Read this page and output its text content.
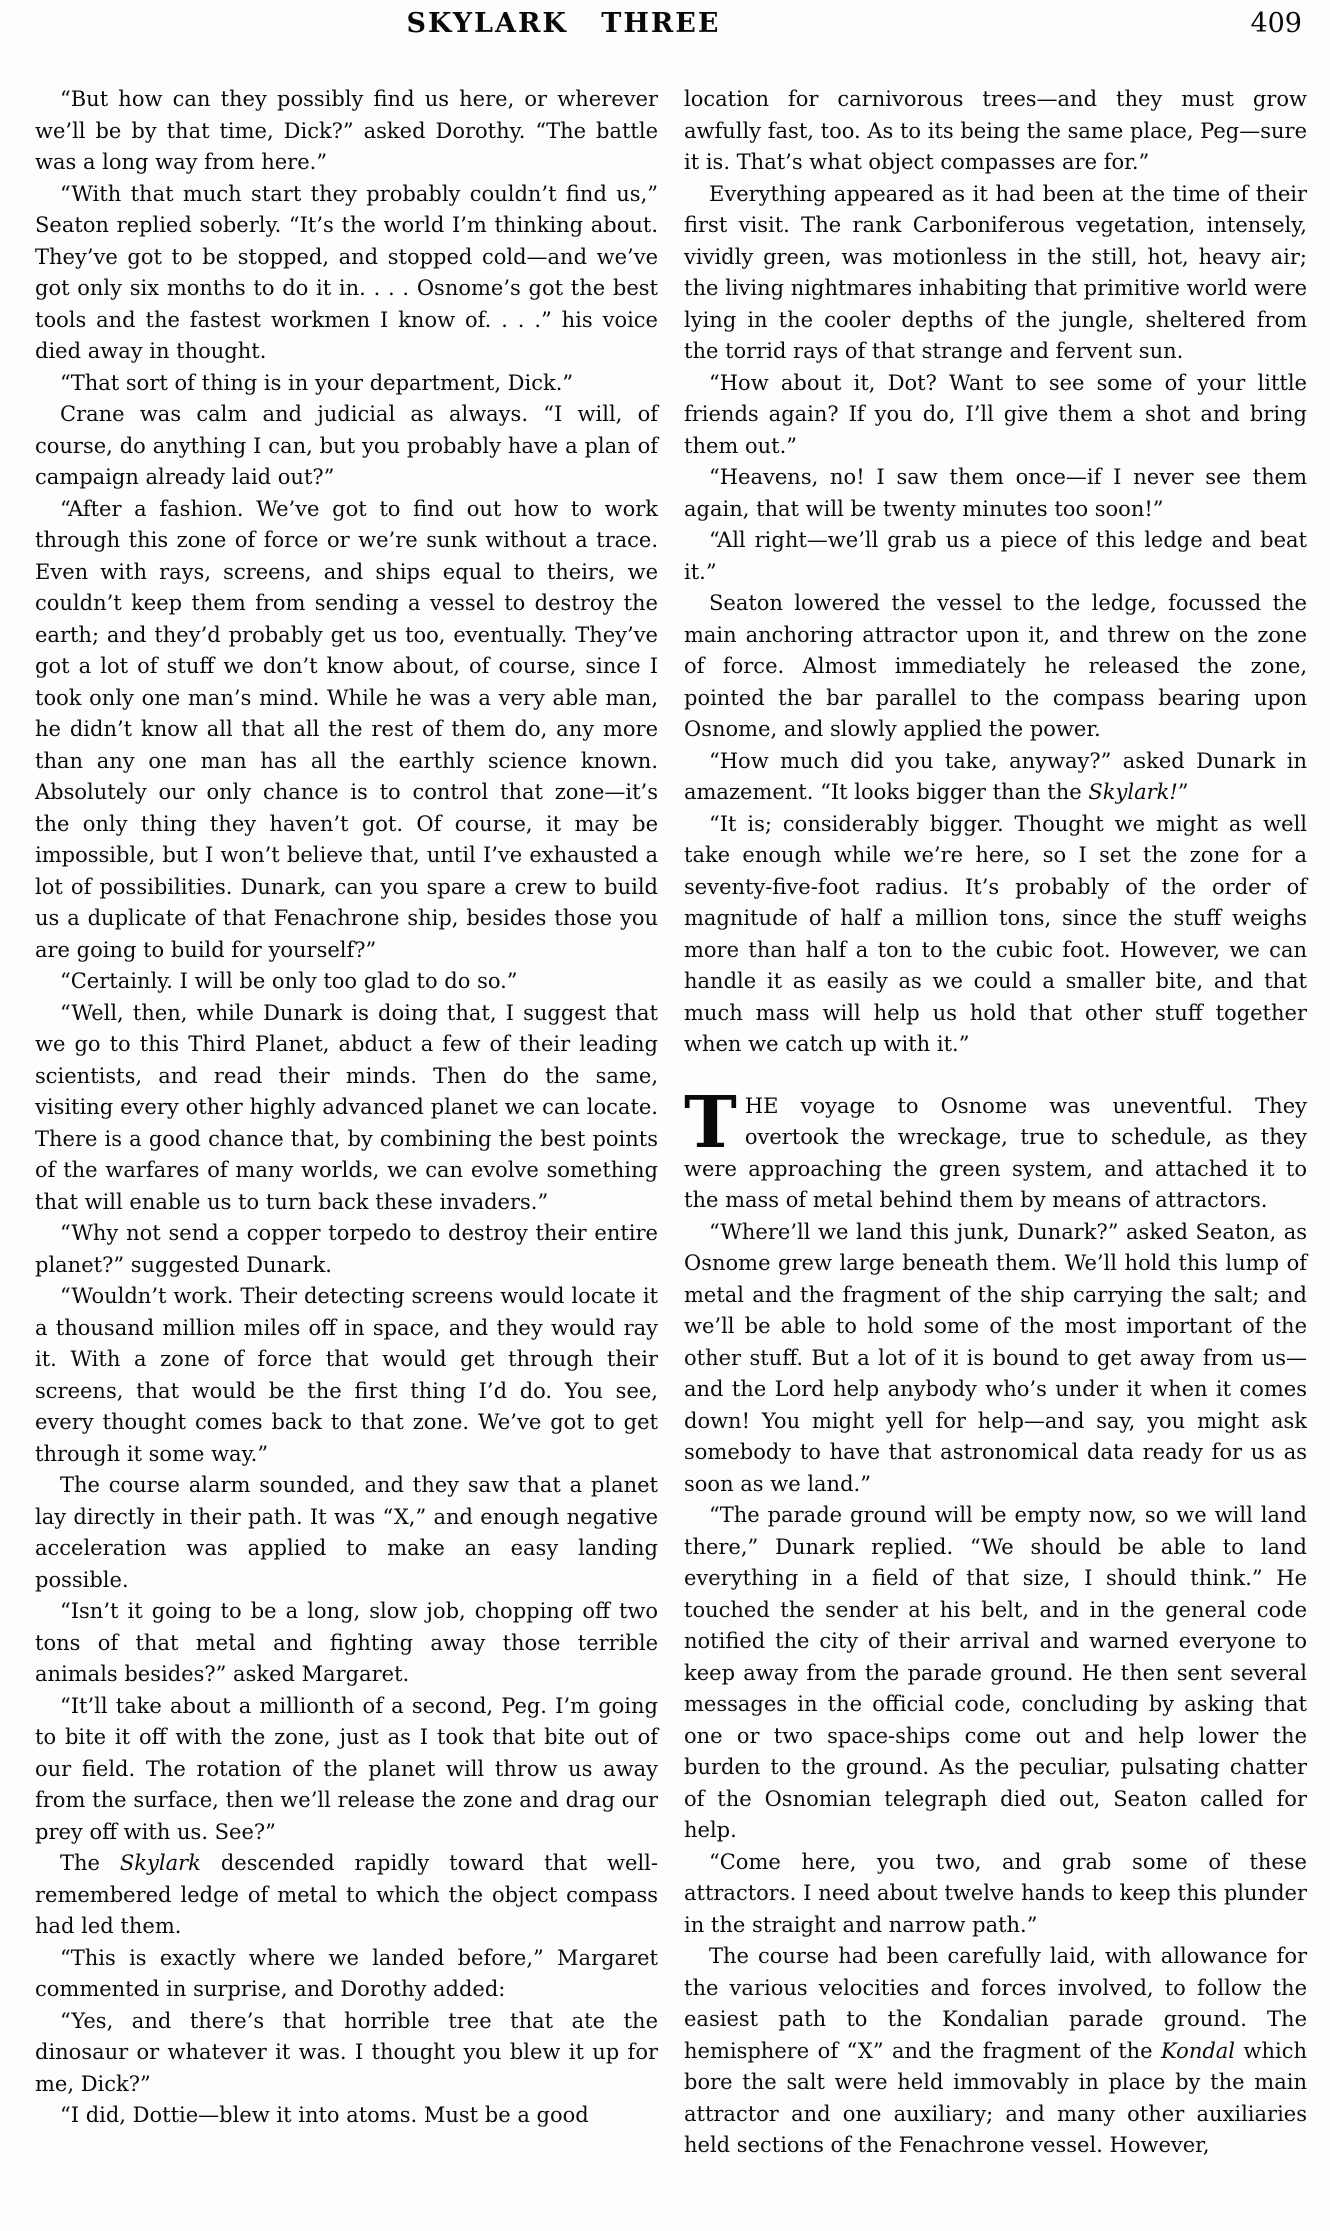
SKYLARK THREE	409

“But how can they possibly find us here, or wherever we’ll be by that time, Dick?” asked Dorothy. “The battle was a long way from here.”

“With that much start they probably couldn’t find us,” Seaton replied soberly. “It’s the world I’m thinking about. They’ve got to be stopped, and stopped cold—and we’ve got only six months to do it in. . . . Osnome’s got the best tools and the fastest workmen I know of. . . .” his voice died away in thought.

“That sort of thing is in your department, Dick.”

Crane was calm and judicial as always. “I will, of course, do anything I can, but you probably have a plan of campaign already laid out?”

“After a fashion. We’ve got to find out how to work through this zone of force or we’re sunk without a trace. Even with rays, screens, and ships equal to theirs, we couldn’t keep them from sending a vessel to destroy the earth; and they’d probably get us too, eventually. They’ve got a lot of stuff we don’t know about, of course, since I took only one man’s mind. While he was a very able man, he didn’t know all that all the rest of them do, any more than any one man has all the earthly science known. Absolutely our only chance is to control that zone—it’s the only thing they haven’t got. Of course, it may be impossible, but I won’t believe that, until I’ve exhausted a lot of possibilities. Dunark, can you spare a crew to build us a duplicate of that Fenachrone ship, besides those you are going to build for yourself?”

“Certainly. I will be only too glad to do so.”

“Well, then, while Dunark is doing that, I suggest that we go to this Third Planet, abduct a few of their leading scientists, and read their minds. Then do the same, visiting every other highly advanced planet we can locate. There is a good chance that, by combining the best points of the warfares of many worlds, we can evolve something that will enable us to turn back these invaders.”

“Why not send a copper torpedo to destroy their entire planet?” suggested Dunark.

“Wouldn’t work. Their detecting screens would locate it a thousand million miles off in space, and they would ray it. With a zone of force that would get through their screens, that would be the first thing I’d do. You see, every thought comes back to that zone. We’ve got to get through it some way.”

The course alarm sounded, and they saw that a planet lay directly in their path. It was “X,” and enough negative acceleration was applied to make an easy landing possible.

“Isn’t it going to be a long, slow job, chopping off two tons of that metal and fighting away those terrible animals besides?” asked Margaret.

“It’ll take about a millionth of a second, Peg. I’m going to bite it off with the zone, just as I took that bite out of our field. The rotation of the planet will throw us away from the surface, then we’ll release the zone and drag our prey off with us. See?”

The Skylark descended rapidly toward that well-remembered ledge of metal to which the object compass had led them.

“This is exactly where we landed before,” Margaret commented in surprise, and Dorothy added:

“Yes, and there’s that horrible tree that ate the dinosaur or whatever it was. I thought you blew it up for me, Dick?”

“I did, Dottie—blew it into atoms. Must be a good

location for carnivorous trees—and they must grow awfully fast, too. As to its being the same place, Peg—sure it is. That’s what object compasses are for.”

Everything appeared as it had been at the time of their first visit. The rank Carboniferous vegetation, intensely, vividly green, was motionless in the still, hot, heavy air; the living nightmares inhabiting that primitive world were lying in the cooler depths of the jungle, sheltered from the torrid rays of that strange and fervent sun.

“How about it, Dot? Want to see some of your little friends again? If you do, I’ll give them a shot and bring them out.”

“Heavens, no! I saw them once—if I never see them again, that will be twenty minutes too soon!”

“All right—we’ll grab us a piece of this ledge and beat it.”

Seaton lowered the vessel to the ledge, focussed the main anchoring attractor upon it, and threw on the zone of force. Almost immediately he released the zone, pointed the bar parallel to the compass bearing upon Osnome, and slowly applied the power.

“How much did you take, anyway?” asked Dunark in amazement. “It looks bigger than the Skylark!”

“It is; considerably bigger. Thought we might as well take enough while we’re here, so I set the zone for a seventy-five-foot radius. It’s probably of the order of magnitude of half a million tons, since the stuff weighs more than half a ton to the cubic foot. However, we can handle it as easily as we could a smaller bite, and that much mass will help us hold that other stuff together when we catch up with it.”

THE voyage to Osnome was uneventful. They overtook the wreckage, true to schedule, as they were approaching the green system, and attached it to the mass of metal behind them by means of attractors.

“Where’ll we land this junk, Dunark?” asked Seaton, as Osnome grew large beneath them. We’ll hold this lump of metal and the fragment of the ship carrying the salt; and we’ll be able to hold some of the most important of the other stuff. But a lot of it is bound to get away from us—and the Lord help anybody who’s under it when it comes down! You might yell for help—and say, you might ask somebody to have that astronomical data ready for us as soon as we land.”

“The parade ground will be empty now, so we will land there,” Dunark replied. “We should be able to land everything in a field of that size, I should think.” He touched the sender at his belt, and in the general code notified the city of their arrival and warned everyone to keep away from the parade ground. He then sent several messages in the official code, concluding by asking that one or two space-ships come out and help lower the burden to the ground. As the peculiar, pulsating chatter of the Osnomian telegraph died out, Seaton called for help.

“Come here, you two, and grab some of these attractors. I need about twelve hands to keep this plunder in the straight and narrow path.”

The course had been carefully laid, with allowance for the various velocities and forces involved, to follow the easiest path to the Kondalian parade ground. The hemisphere of “X” and the fragment of the Kondal which bore the salt were held immovably in place by the main attractor and one auxiliary; and many other auxiliaries held sections of the Fenachrone vessel. However,
